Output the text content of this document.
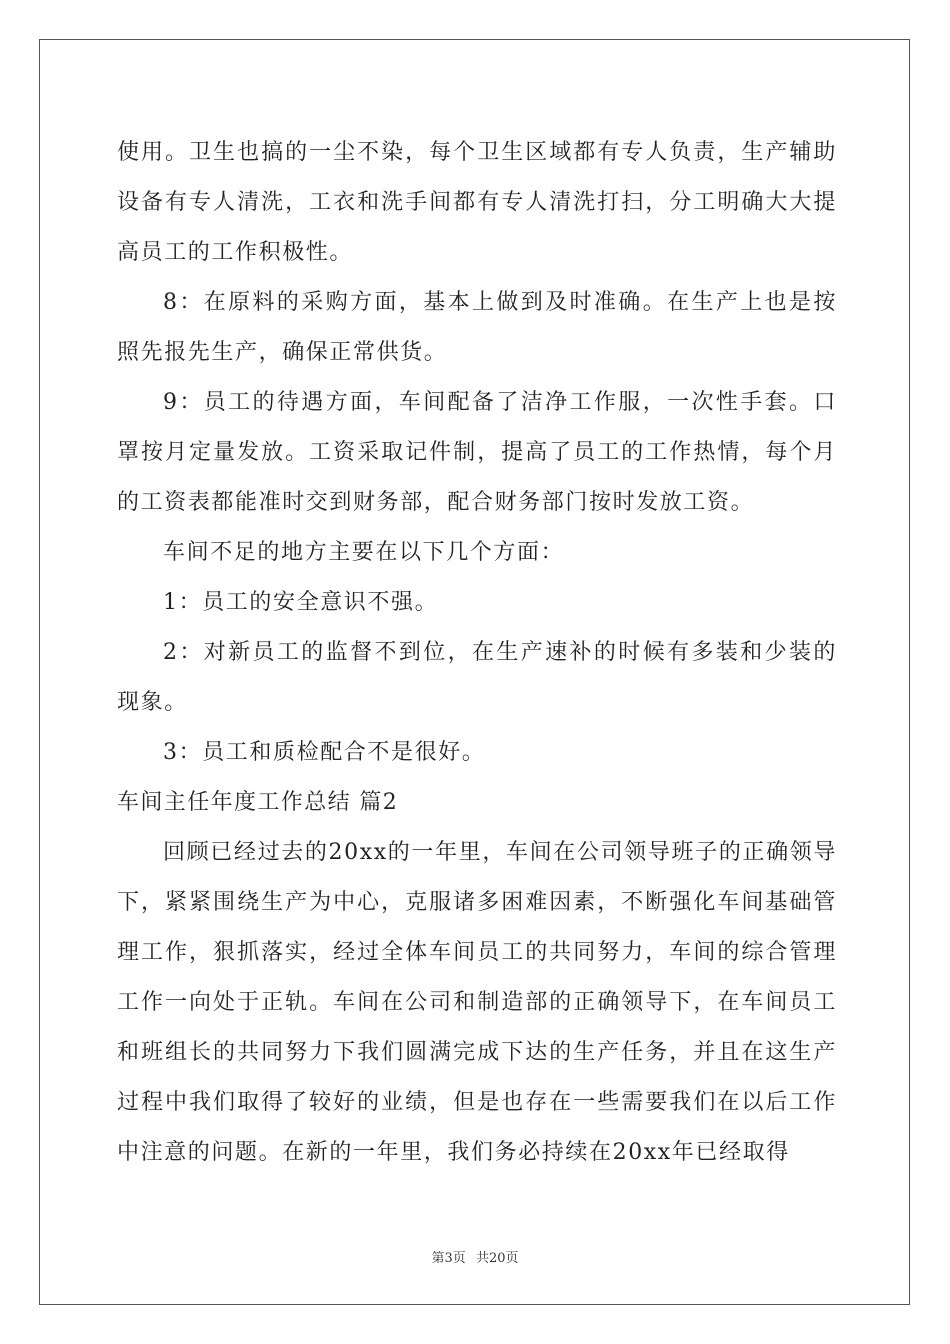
使用。卫生也搞的一尘不染，每个卫生区域都有专人负责，生产辅助设备有专人清洗，工衣和洗手间都有专人清洗打扫，分工明确大大提高员工的工作积极性。

8：在原料的采购方面，基本上做到及时准确。在生产上也是按照先报先生产，确保正常供货。

9：员工的待遇方面，车间配备了洁净工作服，一次性手套。口罩按月定量发放。工资采取记件制，提高了员工的工作热情，每个月的工资表都能准时交到财务部，配合财务部门按时发放工资。

车间不足的地方主要在以下几个方面：

1：员工的安全意识不强。

2：对新员工的监督不到位，在生产速补的时候有多装和少装的现象。

3：员工和质检配合不是很好。

车间主任年度工作总结 篇2

回顾已经过去的20xx的一年里，车间在公司领导班子的正确领导下，紧紧围绕生产为中心，克服诸多困难因素，不断强化车间基础管理工作，狠抓落实，经过全体车间员工的共同努力，车间的综合管理工作一向处于正轨。车间在公司和制造部的正确领导下，在车间员工和班组长的共同努力下我们圆满完成下达的生产任务，并且在这生产过程中我们取得了较好的业绩，但是也存在一些需要我们在以后工作中注意的问题。在新的一年里，我们务必持续在20xx年已经取得

第3页 共20页
